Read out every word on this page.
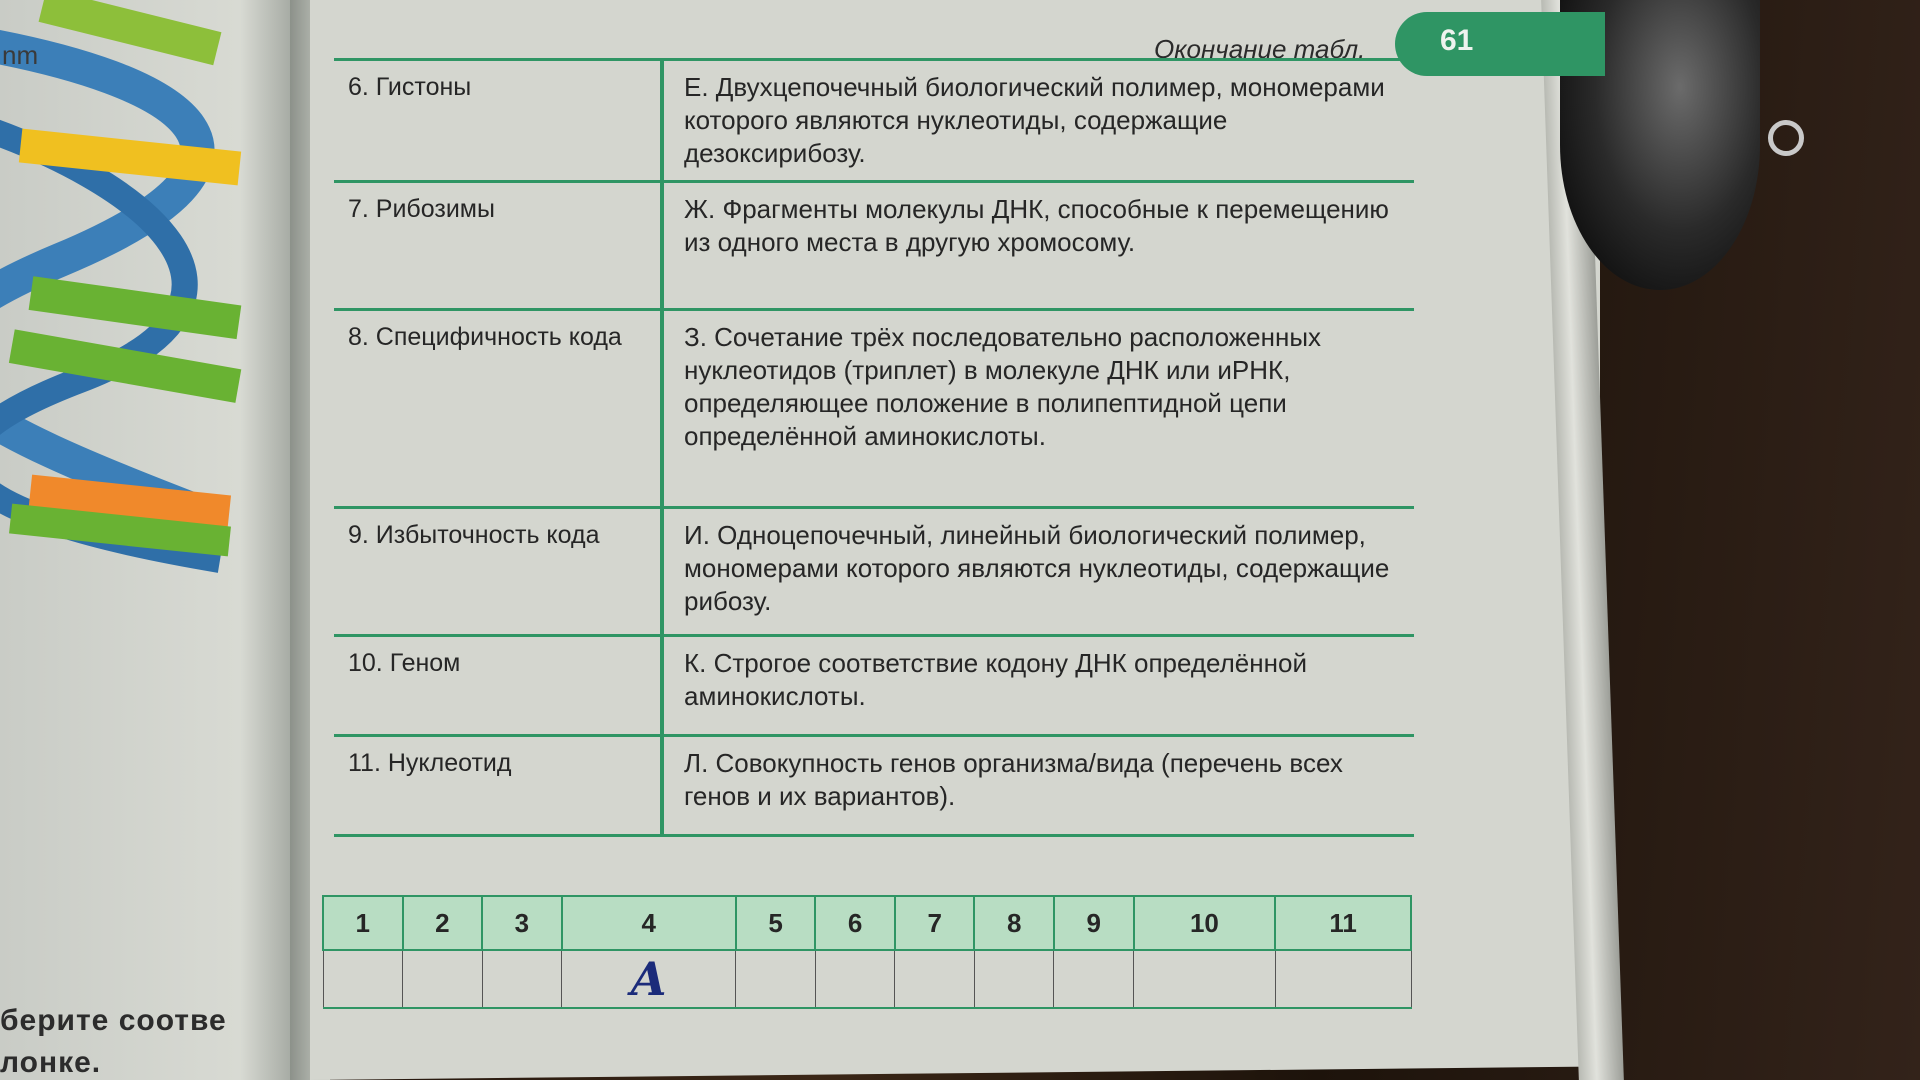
nm
берите соотве
лонке.
61
Окончание табл.
6. Гистоны	Е. Двухцепочечный биологический полимер, мономерами которого являются нуклеотиды, содержащие дезоксирибозу.
7. Рибозимы	Ж. Фрагменты молекулы ДНК, способные к перемещению из одного места в другую хромосому.
8. Специфичность кода	З. Сочетание трёх последовательно расположенных нуклеотидов (триплет) в молекуле ДНК или иРНК, определяющее положение в полипептидной цепи определённой аминокислоты.
9. Избыточность кода	И. Одноцепочечный, линейный биологический полимер, мономерами которого являются нуклеотиды, содержащие рибозу.
10. Геном	К. Строгое соответствие кодону ДНК определённой аминокислоты.
11. Нуклеотид	Л. Совокупность генов организма/вида (перечень всех генов и их вариантов).
1	2	3	4	5	6	7	8	9	10	11
			А							
